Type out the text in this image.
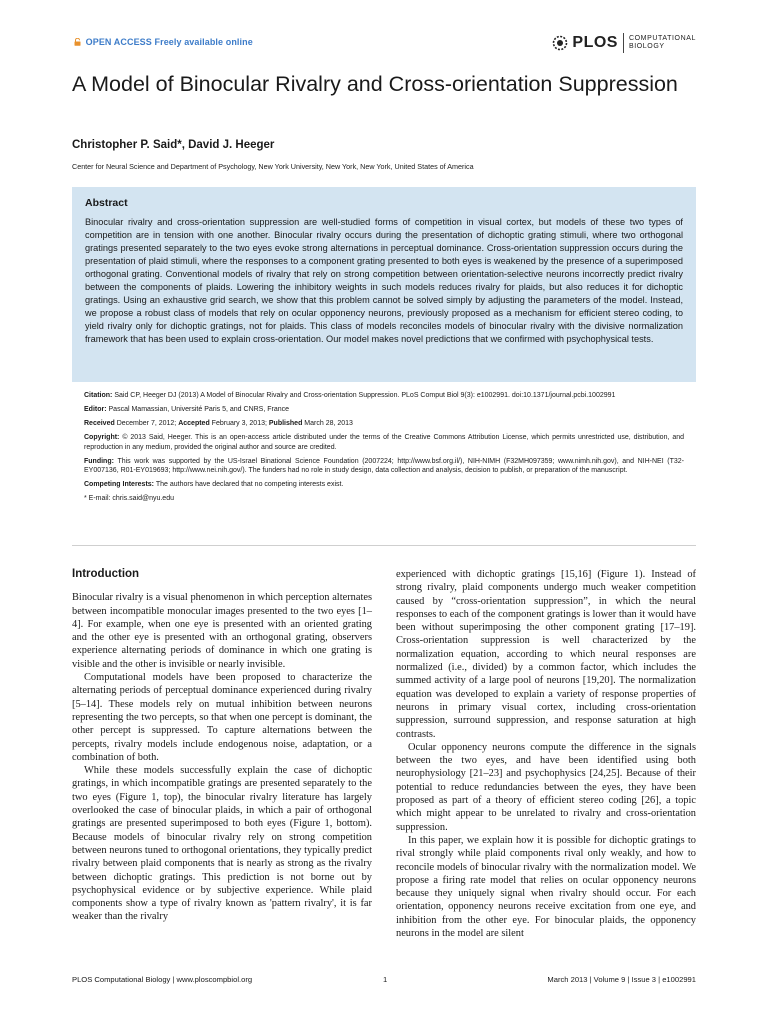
OPEN ACCESS Freely available online	PLOS COMPUTATIONAL
BIOLOGY
A Model of Binocular Rivalry and Cross-orientation Suppression
Christopher P. Said*, David J. Heeger
Center for Neural Science and Department of Psychology, New York University, New York, New York, United States of America
Abstract

Binocular rivalry and cross-orientation suppression are well-studied forms of competition in visual cortex, but models of these two types of competition are in tension with one another. Binocular rivalry occurs during the presentation of dichoptic grating stimuli, where two orthogonal gratings presented separately to the two eyes evoke strong alternations in perceptual dominance. Cross-orientation suppression occurs during the presentation of plaid stimuli, where the responses to a component grating presented to both eyes is weakened by the presence of a superimposed orthogonal grating. Conventional models of rivalry that rely on strong competition between orientation-selective neurons incorrectly predict rivalry between the components of plaids. Lowering the inhibitory weights in such models reduces rivalry for plaids, but also reduces it for dichoptic gratings. Using an exhaustive grid search, we show that this problem cannot be solved simply by adjusting the parameters of the model. Instead, we propose a robust class of models that rely on ocular opponency neurons, previously proposed as a mechanism for efficient stereo coding, to yield rivalry only for dichoptic gratings, not for plaids. This class of models reconciles models of binocular rivalry with the divisive normalization framework that has been used to explain cross-orientation. Our model makes novel predictions that we confirmed with psychophysical tests.

Citation: Said CP, Heeger DJ (2013) A Model of Binocular Rivalry and Cross-orientation Suppression. PLoS Comput Biol 9(3): e1002991. doi:10.1371/journal.pcbi.1002991

Editor: Pascal Mamassian, Université Paris 5, and CNRS, France

Received December 7, 2012; Accepted February 3, 2013; Published March 28, 2013

Copyright: © 2013 Said, Heeger. This is an open-access article distributed under the terms of the Creative Commons Attribution License, which permits unrestricted use, distribution, and reproduction in any medium, provided the original author and source are credited.

Funding: This work was supported by the US-Israel Binational Science Foundation (2007224; http://www.bsf.org.il/), NIH-NIMH (F32MH097359; www.nimh.nih.gov), and NIH-NEI (T32-EY007136, R01-EY019693; http://www.nei.nih.gov/). The funders had no role in study design, data collection and analysis, decision to publish, or preparation of the manuscript.

Competing Interests: The authors have declared that no competing interests exist.

* E-mail: chris.said@nyu.edu

Introduction

Binocular rivalry is a visual phenomenon in which perception alternates between incompatible monocular images presented to the two eyes [1–4]. For example, when one eye is presented with an oriented grating and the other eye is presented with an orthogonal grating, observers experience alternating periods of dominance in which one grating is visible and the other is invisible or nearly invisible.

Computational models have been proposed to characterize the alternating periods of perceptual dominance experienced during rivalry [5–14]. These models rely on mutual inhibition between neurons representing the two percepts, so that when one percept is dominant, the other percept is suppressed. To capture alternations between the percepts, rivalry models include endogenous noise, adaptation, or a combination of both.

While these models successfully explain the case of dichoptic gratings, in which incompatible gratings are presented separately to the two eyes (Figure 1, top), the binocular rivalry literature has largely overlooked the case of binocular plaids, in which a pair of orthogonal gratings are presented superimposed to both eyes (Figure 1, bottom). Because models of binocular rivalry rely on strong competition between neurons tuned to orthogonal orientations, they typically predict rivalry between plaid components that is nearly as strong as the rivalry between dichoptic gratings. This prediction is not borne out by psychophysical evidence or by subjective experience. While plaid components show a type of rivalry known as 'pattern rivalry', it is far weaker than the rivalry

experienced with dichoptic gratings [15,16] (Figure 1). Instead of strong rivalry, plaid components undergo much weaker competition caused by “cross-orientation suppression”, in which the neural responses to each of the component gratings is lower than it would have been without superimposing the other component grating [17–19]. Cross-orientation suppression is well characterized by the normalization equation, according to which neural responses are normalized (i.e., divided) by a common factor, which includes the summed activity of a large pool of neurons [19,20]. The normalization equation was developed to explain a variety of response properties of neurons in primary visual cortex, including cross-orientation suppression, surround suppression, and response saturation at high contrasts.

Ocular opponency neurons compute the difference in the signals between the two eyes, and have been identified using both neurophysiology [21–23] and psychophysics [24,25]. Because of their potential to reduce redundancies between the eyes, they have been proposed as part of a theory of efficient stereo coding [26], a topic which might appear to be unrelated to rivalry and cross-orientation suppression.

In this paper, we explain how it is possible for dichoptic gratings to rival strongly while plaid components rival only weakly, and how to reconcile models of binocular rivalry with the normalization model. We propose a firing rate model that relies on ocular opponency neurons because they uniquely signal when rivalry should occur. For each orientation, opponency neurons receive excitation from one eye, and inhibition from the other eye. For binocular plaids, the opponency neurons in the model are silent

PLOS Computational Biology | www.ploscompbiol.org	1	March 2013 | Volume 9 | Issue 3 | e1002991
